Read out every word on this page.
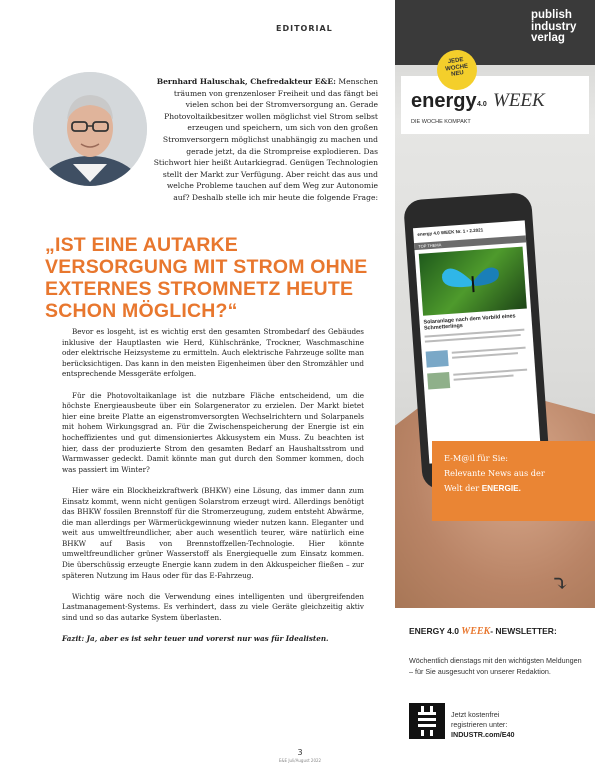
EDITORIAL
Bernhard Haluschak, Chefredakteur E&E: Menschen träumen von grenzenloser Freiheit und das fängt bei vielen schon bei der Stromversorgung an. Gerade Photovoltaikbesitzer wollen möglichst viel Strom selbst erzeugen und speichern, um sich von den großen Stromversorgern möglichst unabhängig zu machen und gerade jetzt, da die Strompreise explodieren. Das Stichwort hier heißt Autarkiegrad. Genügen Technologien stellt der Markt zur Verfügung. Aber reicht das aus und welche Probleme tauchen auf dem Weg zur Autonomie auf? Deshalb stelle ich mir heute die folgende Frage:
„IST EINE AUTARKE VERSORGUNG MIT STROM OHNE EXTERNES STROMNETZ HEUTE SCHON MÖGLICH?“

Bevor es losgeht, ist es wichtig erst den gesamten Strombedarf des Gebäudes inklusive der Hauptlasten wie Herd, Kühlschränke, Trockner, Waschmaschine oder elektrische Heizsysteme zu ermitteln. Auch elektrische Fahrzeuge sollte man berücksichtigen. Das kann in den meisten Eigenheimen über den Stromzähler und entsprechende Messgeräte erfolgen.

Für die Photovoltaikanlage ist die nutzbare Fläche entscheidend, um die höchste Energieausbeute über ein Solargenerator zu erzielen. Der Markt bietet hier eine breite Platte an eigenstromversorgten Wechselrichtern und Solarpanels mit hohem Wirkungsgrad an. Für die Zwischenspeicherung der Energie ist ein hocheffizientes und gut dimensioniertes Akkusystem ein Muss. Zu beachten ist hier, dass der produzierte Strom den gesamten Bedarf an Haushaltsstrom und Warmwasser gedeckt. Damit könnte man gut durch den Sommer kommen, doch was passiert im Winter?

Hier wäre ein Blockheizkraftwerk (BHKW) eine Lösung, das immer dann zum Einsatz kommt, wenn nicht genügen Solarstrom erzeugt wird. Allerdings benötigt das BHKW fossilen Brennstoff für die Stromerzeugung, zudem entsteht Abwärme, die man allerdings per Wärmerückgewinnung wieder nutzen kann. Eleganter und weit aus umweltfreundlicher, aber auch wesentlich teurer, wäre natürlich eine BHKW auf Basis von Brennstoffzellen-Technologie. Hier könnte umweltfreundlicher grüner Wasserstoff als Energiequelle zum Einsatz kommen. Die überschüssig erzeugte Energie kann zudem in den Akkuspeicher fließen – zur späteren Nutzung im Haus oder für das E-Fahrzeug.

Wichtig wäre noch die Verwendung eines intelligenten und übergreifenden Lastmanagement-Systems. Es verhindert, dass zu viele Geräte gleichzeitig aktiv sind und so das autarke System überlasten.

Fazit: Ja, aber es ist sehr teuer und vorerst nur was für Idealisten.

3
E&E Juli/August 2022
publish
industry
verlag
energy 4.0 WEEK Nr. 1 • 2.2021
TOP THEMA
Solaranlage nach dem Vorbild eines Schmetterlings
energy 4.0 WEEK
DIE WOCHE KOMPAKT
JEDE
WOCHE
NEU
E-M@il für Sie:
Relevante News aus der
Welt der ENERGIE.
⤵
ENERGY 4.0 WEEK- NEWSLETTER:
Wöchentlich dienstags mit den wichtigsten Meldungen – für Sie ausgesucht von unserer Redaktion.
Jetzt kostenfrei
registrieren unter:
INDUSTR.com/E40
